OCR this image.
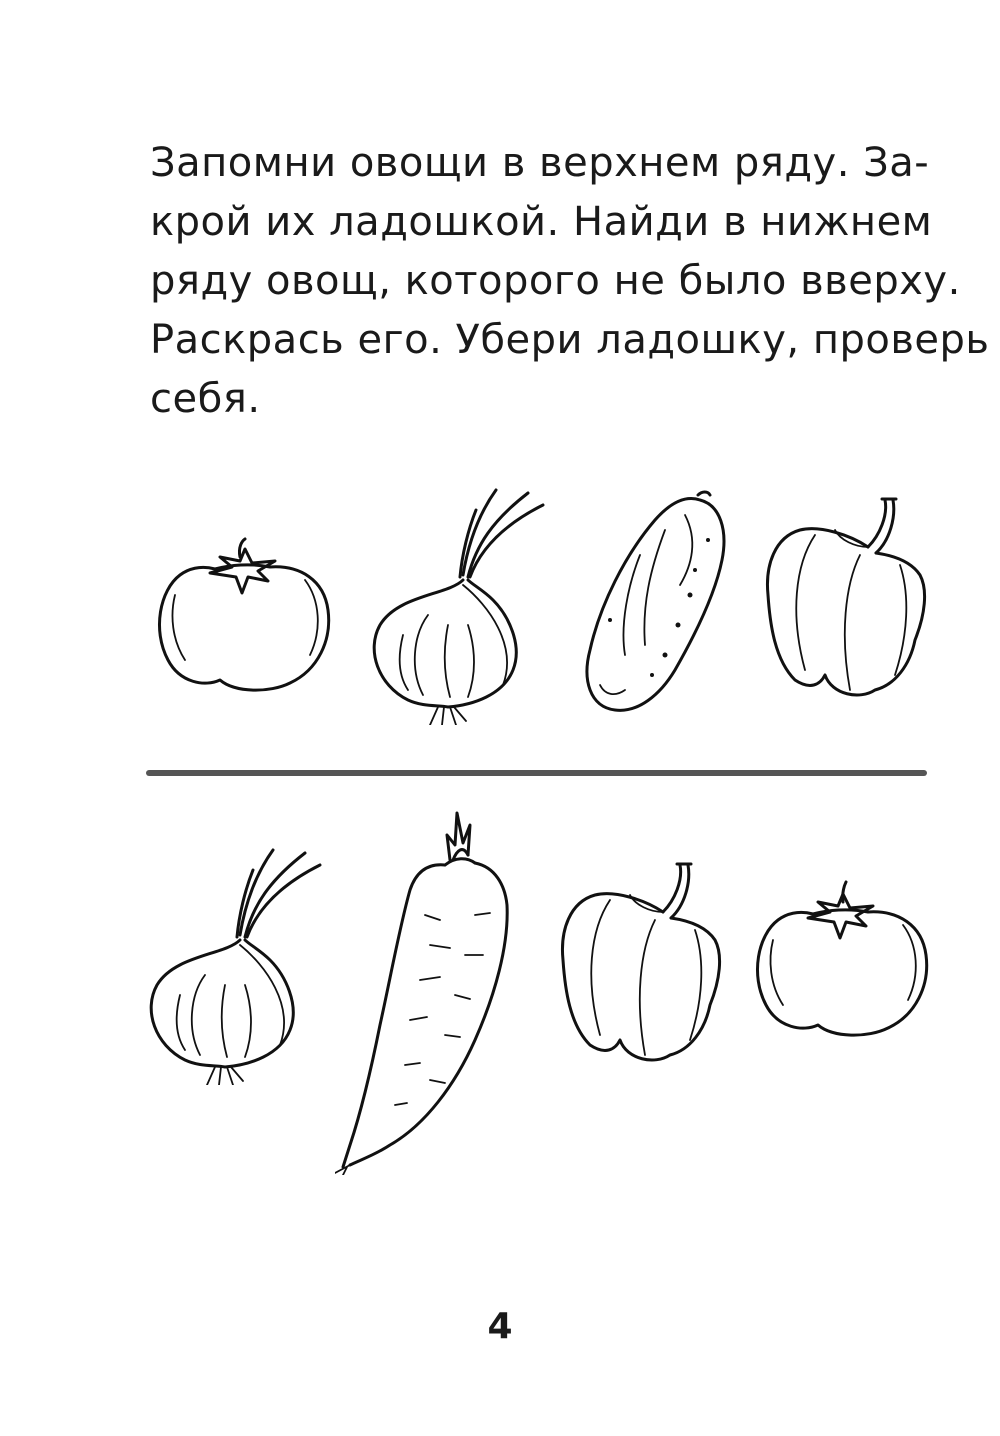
Запомни овощи в верхнем ряду. За-
крой их ладошкой. Найди в нижнем
ряду овощ, которого не было вверху.
Раскрась его. Убери ладошку, проверь
себя.
4
